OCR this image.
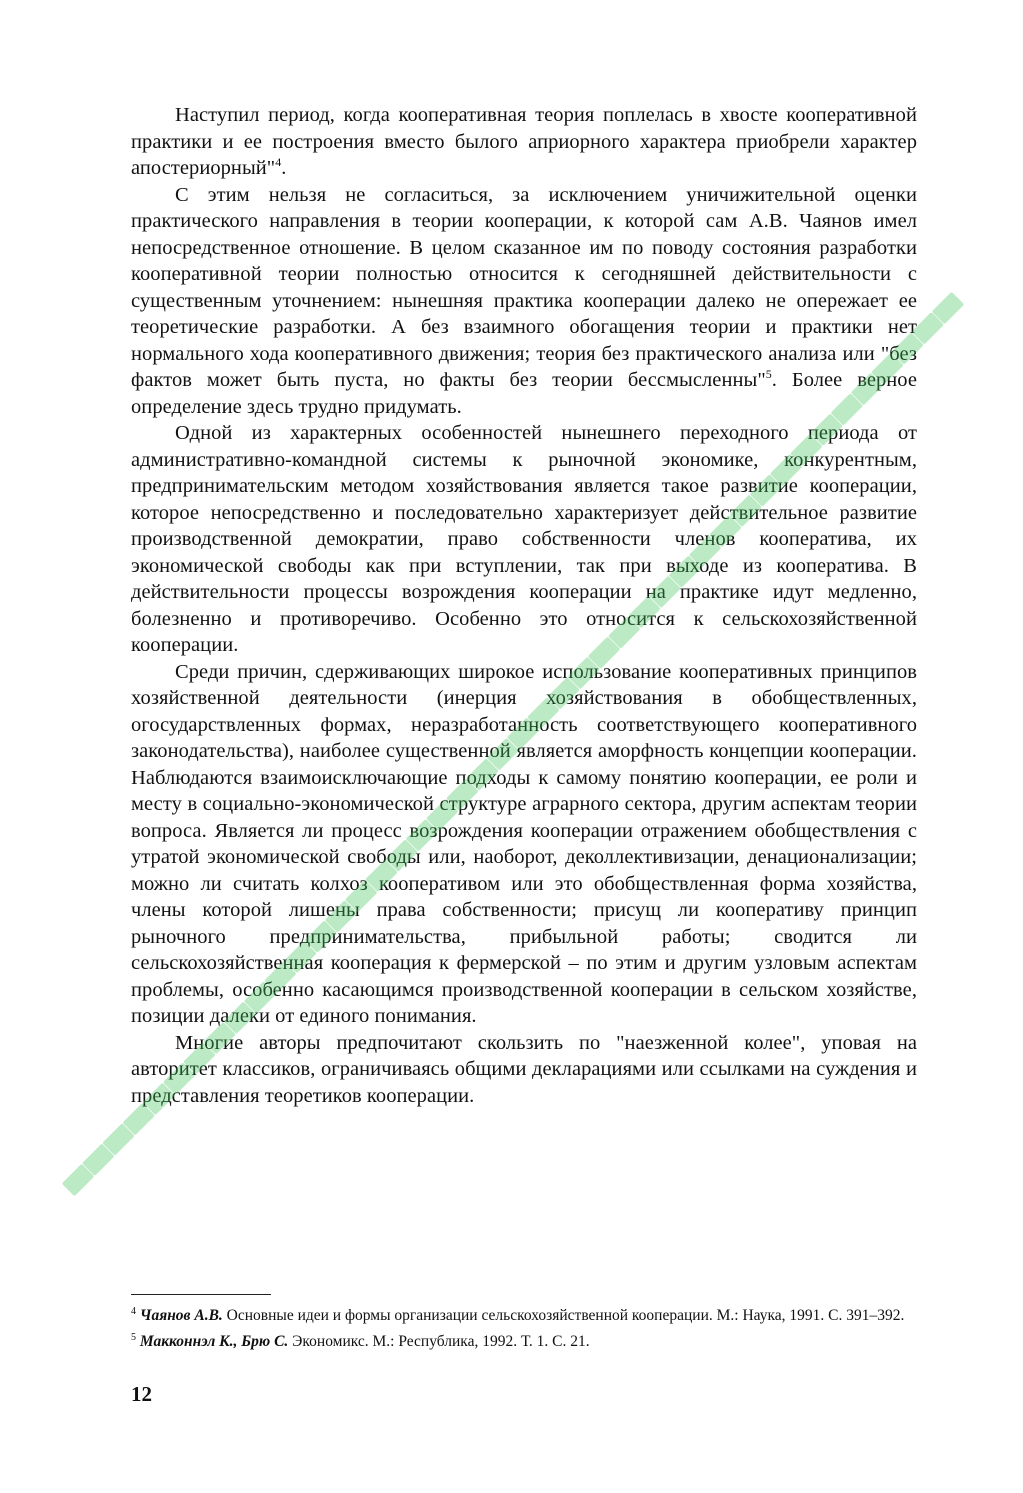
Наступил период, когда кооперативная теория поплелась в хвосте кооперативной практики и ее построения вместо былого априорного характера приобрели характер апостериорный"$^4$.

С этим нельзя не согласиться, за исключением уничижительной оценки практического направления в теории кооперации, к которой сам А.В. Чаянов имел непосредственное отношение. В целом сказанное им по поводу состояния разработки кооперативной теории полностью относится к сегодняшней действительности с существенным уточнением: нынешняя практика кооперации далеко не опережает ее теоретические разработки. А без взаимного обогащения теории и практики нет нормального хода кооперативного движения; теория без практического анализа или "без фактов может быть пуста, но факты без теории бессмысленны"$^5$. Более верное определение здесь трудно придумать.

Одной из характерных особенностей нынешнего переходного периода от административно-командной системы к рыночной экономике, конкурентным, предпринимательским методом хозяйствования является такое развитие кооперации, которое непосредственно и последовательно характеризует действительное развитие производственной демократии, право собственности членов кооператива, их экономической свободы как при вступлении, так при выходе из кооператива. В действительности процессы возрождения кооперации на практике идут медленно, болезненно и противоречиво. Особенно это относится к сельскохозяйственной кооперации.

Среди причин, сдерживающих широкое использование кооперативных принципов хозяйственной деятельности (инерция хозяйствования в обобществленных, огосударствленных формах, неразработанность соответствующего кооперативного законодательства), наиболее существенной является аморфность концепции кооперации. Наблюдаются взаимоисключающие подходы к самому понятию кооперации, ее роли и месту в социально-экономической структуре аграрного сектора, другим аспектам теории вопроса. Является ли процесс возрождения кооперации отражением обобществления с утратой экономической свободы или, наоборот, деколлективизации, денационализации; можно ли считать колхоз кооперативом или это обобществленная форма хозяйства, члены которой лишены права собственности; присущ ли кооперативу принцип рыночного предпринимательства, прибыльной работы; сводится ли сельскохозяйственная кооперация к фермерской – по этим и другим узловым аспектам проблемы, особенно касающимся производственной кооперации в сельском хозяйстве, позиции далеки от единого понимания.

Многие авторы предпочитают скользить по "наезженной колее", уповая на авторитет классиков, ограничиваясь общими декларациями или ссылками на суждения и представления теоретиков кооперации.

$^4$ Чаянов А.В. Основные идеи и формы организации сельскохозяйственной кооперации. М.: Наука, 1991. С. 391–392.

$^5$ Макконнэл К., Брю С. Экономикс. М.: Республика, 1992. Т. 1. С. 21.

12
